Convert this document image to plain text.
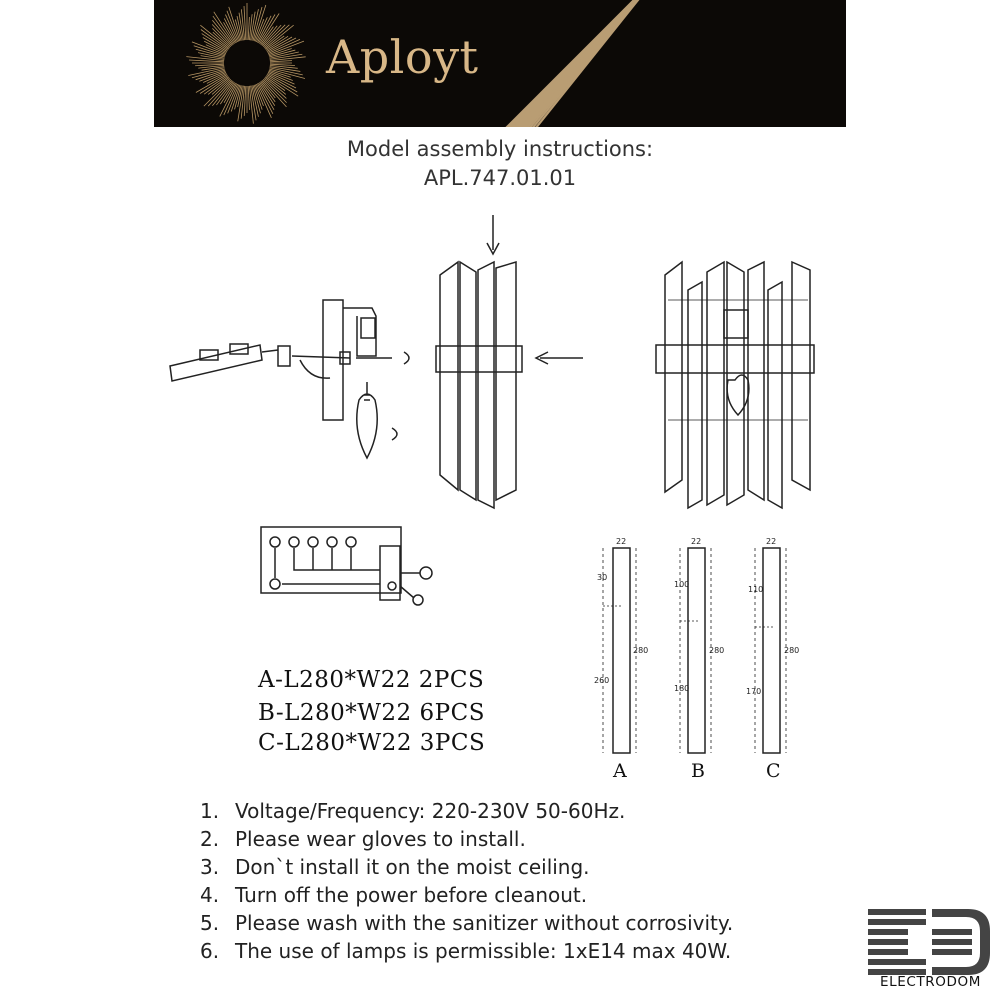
Aployt
Model assembly instructions:
APL.747.01.01
22
30
280
260
22
100
280
180
22
110
280
170
A	B	C
A-L280*W22 2PCS
B-L280*W22 6PCS
C-L280*W22 3PCS
1. Voltage/Frequency: 220-230V 50-60Hz.
2. Please wear gloves to install.
3. Don`t install it on the moist ceiling.
4. Turn off the power before cleanout.
5. Please wash with the sanitizer without corrosivity.
6. The use of lamps is permissible: 1xE14 max 40W.
ELECTRODOM
